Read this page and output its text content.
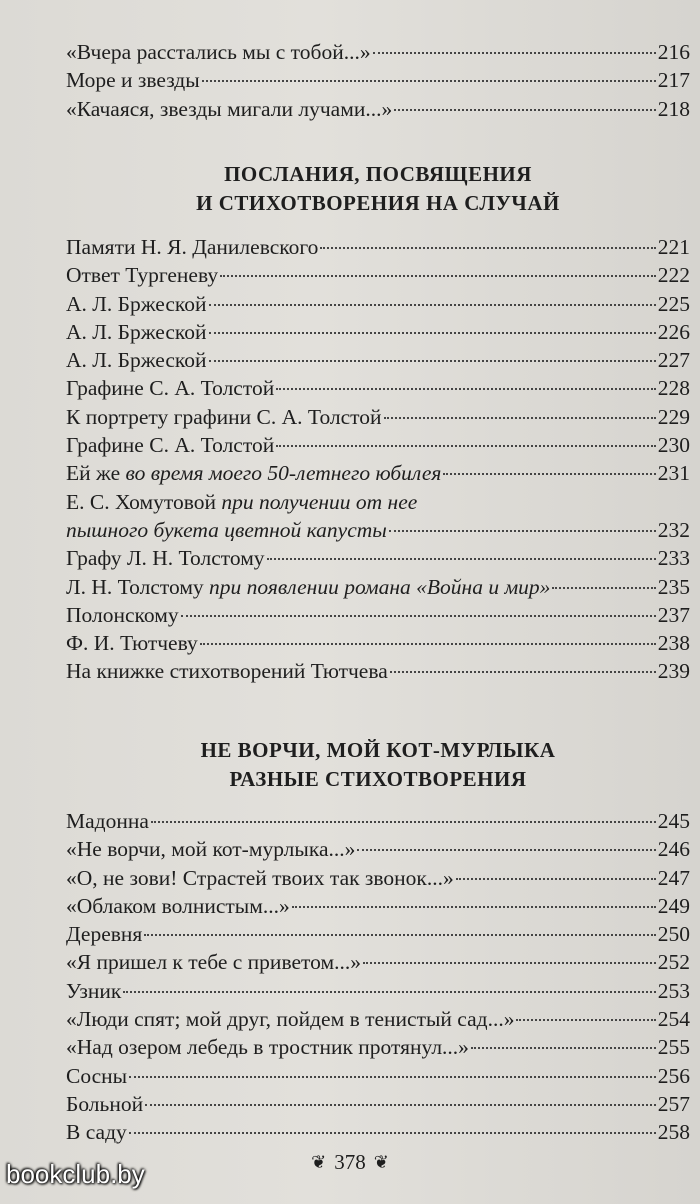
«Вчера расстались мы с тобой...»	216
Море и звезды	217
«Качаяся, звезды мигали лучами...»	218
ПОСЛАНИЯ, ПОСВЯЩЕНИЯ
И СТИХОТВОРЕНИЯ НА СЛУЧАЙ
Памяти Н. Я. Данилевского	221
Ответ Тургеневу	222
А. Л. Бржеской	225
А. Л. Бржеской	226
А. Л. Бржеской	227
Графине С. А. Толстой	228
К портрету графини С. А. Толстой	229
Графине С. А. Толстой	230
Ей же во время моего 50-летнего юбилея	231
Е. С. Хомутовой при получении от нее
пышного букета цветной капусты	232
Графу Л. Н. Толстому	233
Л. Н. Толстому при появлении романа «Война и мир»	235
Полонскому	237
Ф. И. Тютчеву	238
На книжке стихотворений Тютчева	239
НЕ ВОРЧИ, МОЙ КОТ-МУРЛЫКА
РАЗНЫЕ СТИХОТВОРЕНИЯ
Мадонна	245
«Не ворчи, мой кот-мурлыка...»	246
«О, не зови! Страстей твоих так звонок...»	247
«Облаком волнистым...»	249
Деревня	250
«Я пришел к тебе с приветом...»	252
Узник	253
«Люди спят; мой друг, пойдем в тенистый сад...»	254
«Над озером лебедь в тростник протянул...»	255
Сосны	256
Больной	257
В саду	258
❦ 378 ❦
bookclub.by
